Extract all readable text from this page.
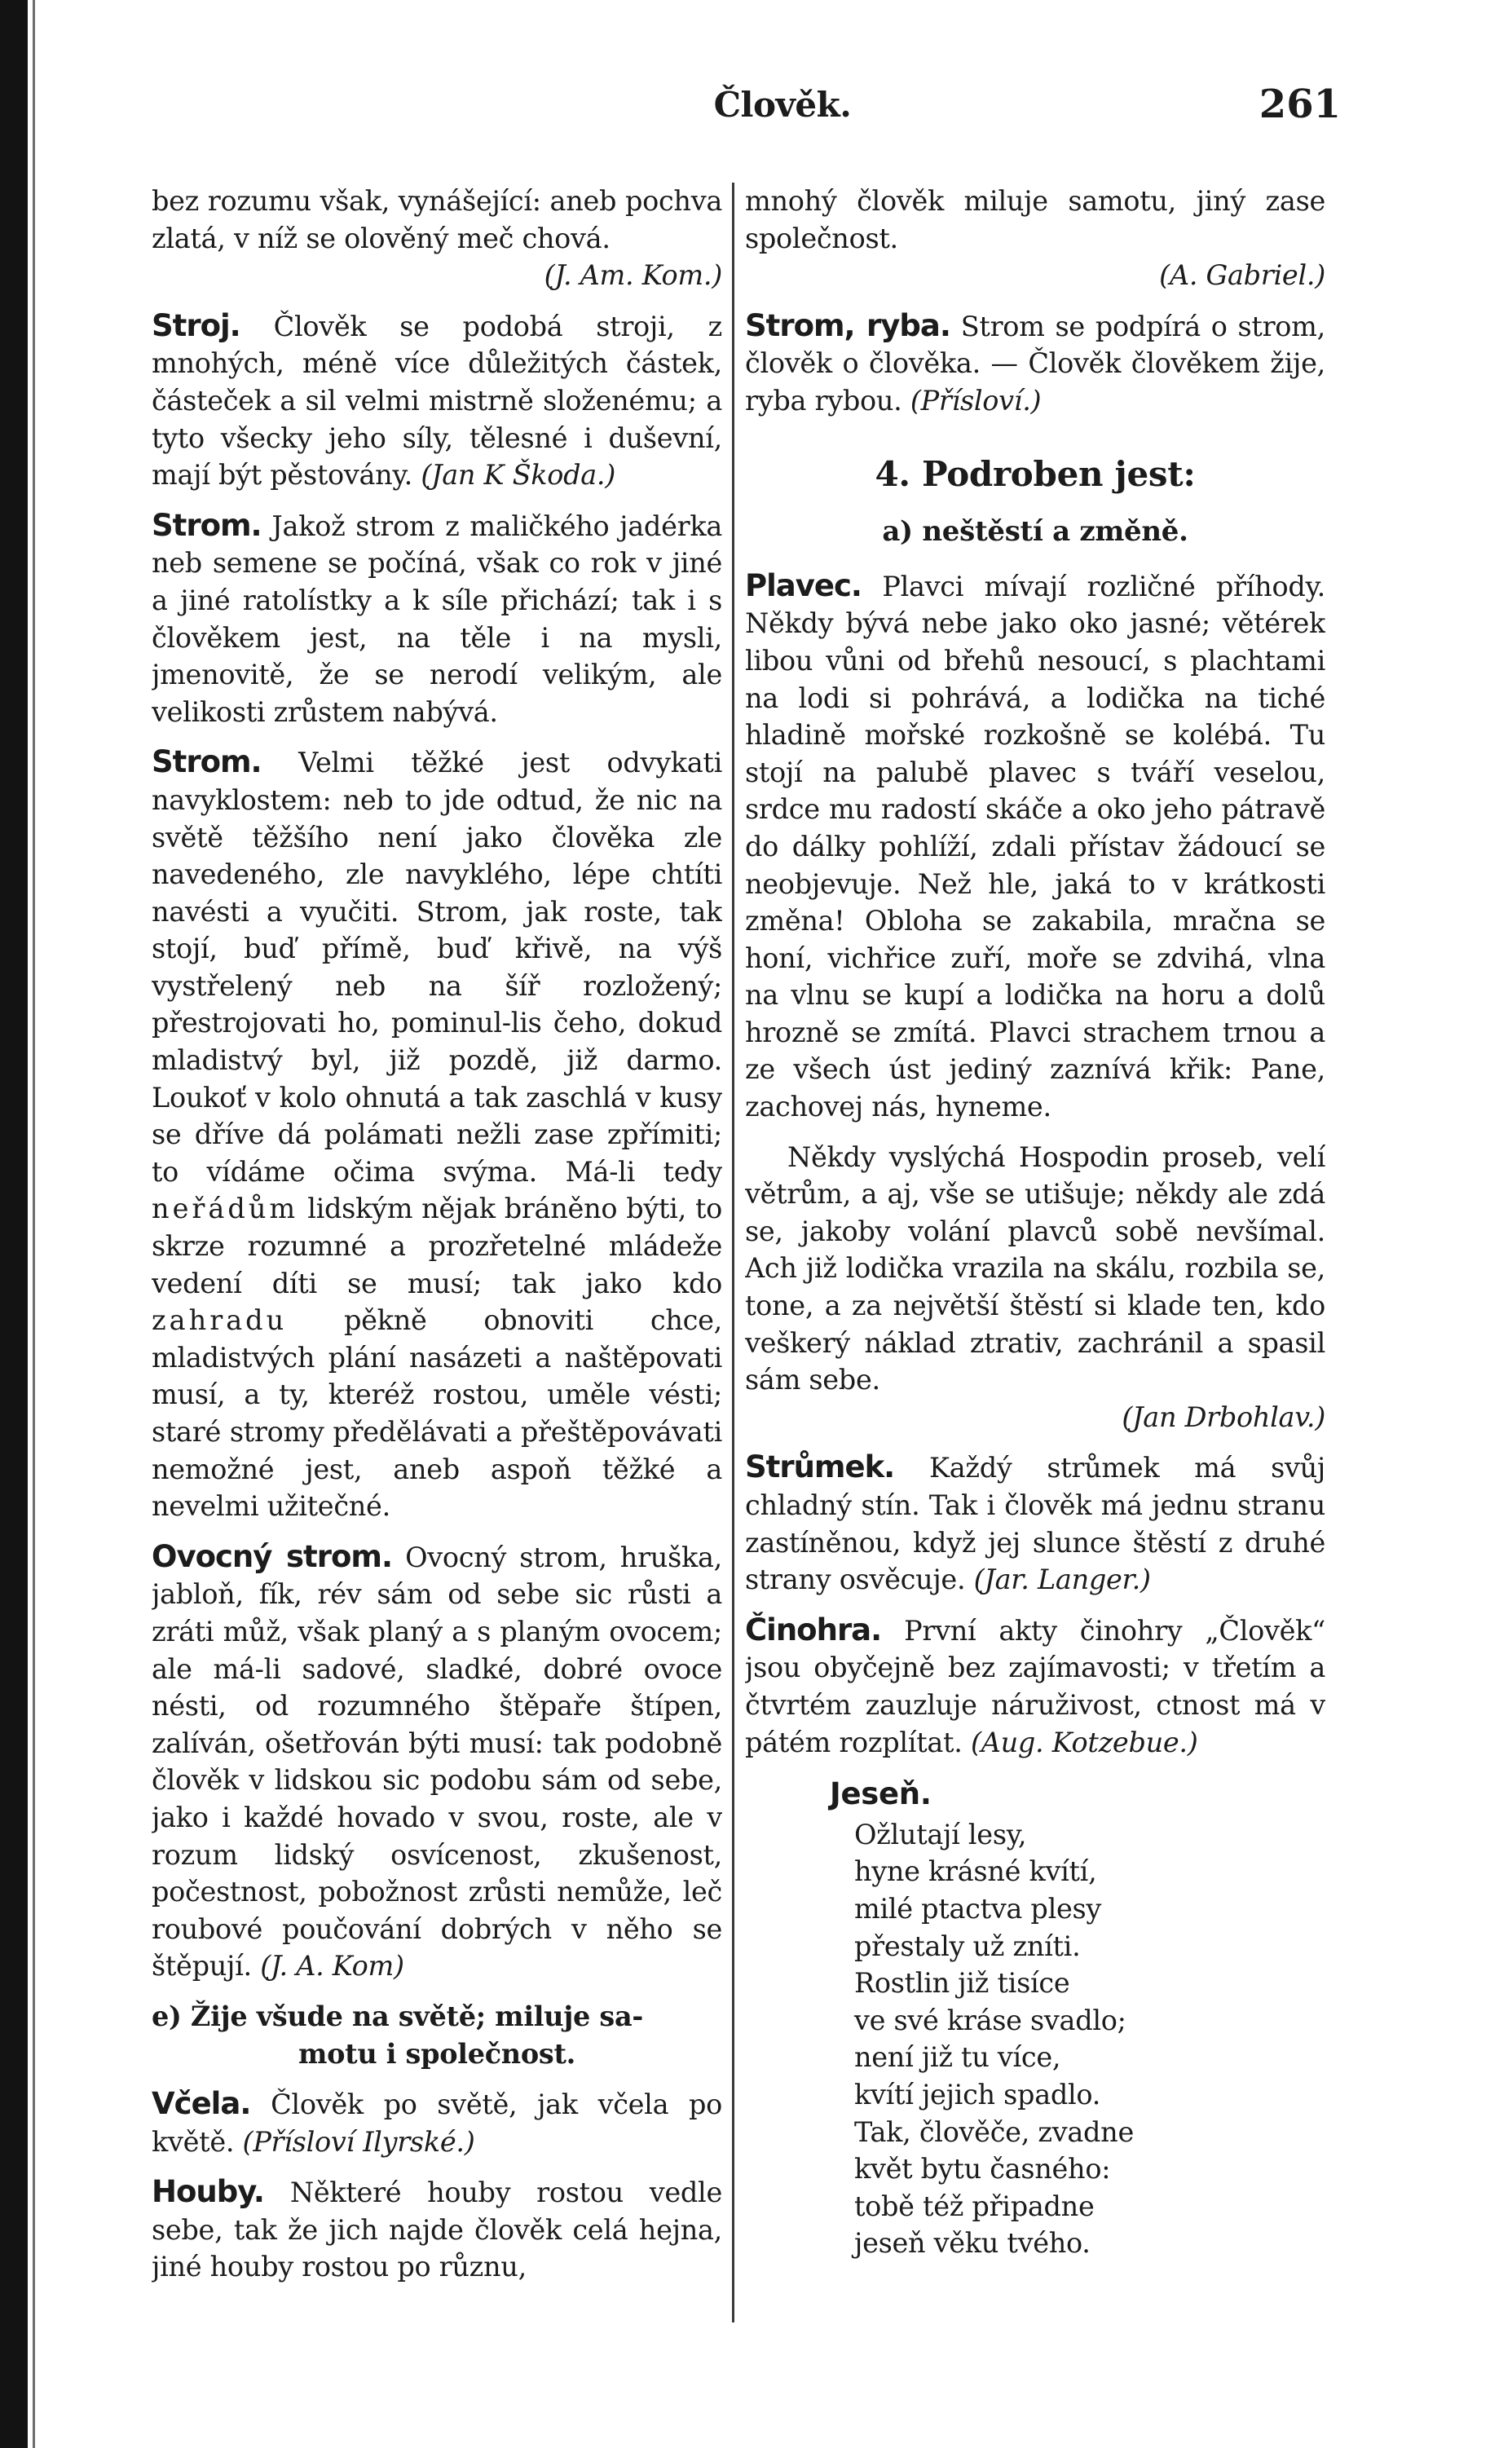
Člověk.	261

bez rozumu však, vynášející: aneb pochva zlatá, v níž se olověný meč chová.

(J. Am. Kom.)

Stroj. Člověk se podobá stroji, z mnohých, méně více důležitých částek, částeček a sil velmi mistrně složenému; a tyto všecky jeho síly, tělesné i duševní, mají být pěstovány. (Jan K Škoda.)

Strom. Jakož strom z maličkého jadérka neb semene se počíná, však co rok v jiné a jiné ratolístky a k síle přichází; tak i s člověkem jest, na těle i na mysli, jmenovitě, že se nerodí velikým, ale velikosti zrůstem nabývá.

Strom. Velmi těžké jest odvykati navyklostem: neb to jde odtud, že nic na světě těžšího není jako člověka zle navedeného, zle navyklého, lépe chtíti navésti a vyučiti. Strom, jak roste, tak stojí, buď přímě, buď křivě, na výš vystřelený neb na šíř rozložený; přestrojovati ho, pominul-lis čeho, dokud mladistvý byl, již pozdě, již darmo. Loukoť v kolo ohnutá a tak zaschlá v kusy se dříve dá polámati nežli zase zpřímiti; to vídáme očima svýma. Má-li tedy neřádům lidským nějak bráněno býti, to skrze rozumné a prozřetelné mládeže vedení díti se musí; tak jako kdo zahradu pěkně obnoviti chce, mladistvých plání nasázeti a naštěpovati musí, a ty, kteréž rostou, uměle vésti; staré stromy předělávati a přeštěpovávati nemožné jest, aneb aspoň těžké a nevelmi užitečné.

Ovocný strom. Ovocný strom, hruška, jabloň, fík, rév sám od sebe sic růsti a zráti můž, však planý a s planým ovocem; ale má-li sadové, sladké, dobré ovoce nésti, od rozumného štěpaře štípen, zalíván, ošetřován býti musí: tak podobně člověk v lidskou sic podobu sám od sebe, jako i každé hovado v svou, roste, ale v rozum lidský osvícenost, zkušenost, počestnost, pobožnost zrůsti nemůže, leč roubové poučování dobrých v něho se štěpují. (J. A. Kom)

e) Žije všude na světě; miluje sa-

motu i společnost.

Včela. Člověk po světě, jak včela po květě. (Přísloví Ilyrské.)

Houby. Některé houby rostou vedle sebe, tak že jich najde člověk celá hejna, jiné houby rostou po různu,

mnohý člověk miluje samotu, jiný zase společnost.

(A. Gabriel.)

Strom, ryba. Strom se podpírá o strom, člověk o člověka. — Člověk člověkem žije, ryba rybou. (Přísloví.)

4. Podroben jest:

a) neštěstí a změně.

Plavec. Plavci mívají rozličné příhody. Někdy bývá nebe jako oko jasné; větérek libou vůni od břehů nesoucí, s plachtami na lodi si pohrává, a lodička na tiché hladině mořské rozkošně se kolébá. Tu stojí na palubě plavec s tváří veselou, srdce mu radostí skáče a oko jeho pátravě do dálky pohlíží, zdali přístav žádoucí se neobjevuje. Než hle, jaká to v krátkosti změna! Obloha se zakabila, mračna se honí, vichřice zuří, moře se zdvihá, vlna na vlnu se kupí a lodička na horu a dolů hrozně se zmítá. Plavci strachem trnou a ze všech úst jediný zaznívá křik: Pane, zachovej nás, hyneme.

Někdy vyslýchá Hospodin proseb, velí větrům, a aj, vše se utišuje; někdy ale zdá se, jakoby volání plavců sobě nevšímal. Ach již lodička vrazila na skálu, rozbila se, tone, a za největší štěstí si klade ten, kdo veškerý náklad ztrativ, zachránil a spasil sám sebe.

(Jan Drbohlav.)

Strůmek. Každý strůmek má svůj chladný stín. Tak i člověk má jednu stranu zastíněnou, když jej slunce štěstí z druhé strany osvěcuje. (Jar. Langer.)

Činohra. První akty činohry „Člověk“ jsou obyčejně bez zajímavosti; v třetím a čtvrtém zauzluje náruživost, ctnost má v pátém rozplítat. (Aug. Kotzebue.)

Jeseň.

Ožlutají lesy,
hyne krásné kvítí,
milé ptactva plesy
přestaly už zníti.
Rostlin již tisíce
ve své kráse svadlo;
není již tu více,
kvítí jejich spadlo.
Tak, člověče, zvadne
květ bytu časného:
tobě též připadne
jeseň věku tvého.
